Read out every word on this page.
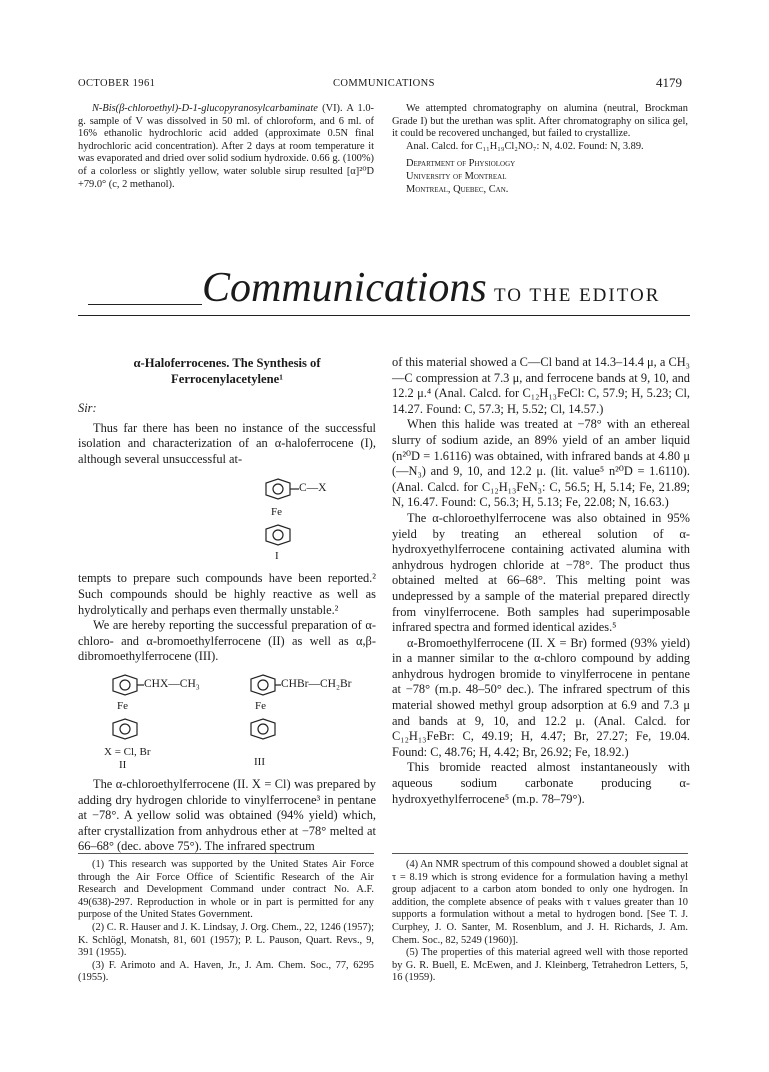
OCTOBER 1961	COMMUNICATIONS	4179

N-Bis(β-chloroethyl)-D-1-glucopyranosylcarbaminate (VI). A 1.0-g. sample of V was dissolved in 50 ml. of chloroform, and 6 ml. of 16% ethanolic hydrochloric acid added (approximate 0.5N final hydrochloric acid concentration). After 2 days at room temperature it was evaporated and dried over solid sodium hydroxide. 0.66 g. (100%) of a colorless or slightly yellow, water soluble sirup resulted [α]²⁰D +79.0° (c, 2 methanol).

We attempted chromatography on alumina (neutral, Brockman Grade I) but the urethan was split. After chromatography on silica gel, it could be recovered unchanged, but failed to crystallize.

Anal. Calcd. for C₁₁H₁₉Cl₂NO₇: N, 4.02. Found: N, 3.89.

Department of Physiology
University of Montreal
Montreal, Quebec, Can.
Communications TO THE EDITOR
α-Haloferrocenes. The Synthesis of
Ferrocenylacetylene¹
Sir:

Thus far there has been no instance of the successful isolation and characterization of an α-haloferrocene (I), although several unsuccessful at-

C—X
Fe
I

tempts to prepare such compounds have been reported.² Such compounds should be highly reactive as well as hydrolytically and perhaps even thermally unstable.²

We are hereby reporting the successful preparation of α-chloro- and α-bromoethylferrocene (II) as well as α,β-dibromoethylferrocene (III).

CHX—CH₃
Fe
X = Cl, Br
II
CHBr—CH₂Br
Fe
III

The α-chloroethylferrocene (II. X = Cl) was prepared by adding dry hydrogen chloride to vinylferrocene³ in pentane at −78°. A yellow solid was obtained (94% yield) which, after crystallization from anhydrous ether at −78° melted at 66–68° (dec. above 75°). The infrared spectrum

of this material showed a C—Cl band at 14.3–14.4 μ, a CH₃—C compression at 7.3 μ, and ferrocene bands at 9, 10, and 12.2 μ.⁴ (Anal. Calcd. for C₁₂H₁₃FeCl: C, 57.9; H, 5.23; Cl, 14.27. Found: C, 57.3; H, 5.52; Cl, 14.57.)

When this halide was treated at −78° with an ethereal slurry of sodium azide, an 89% yield of an amber liquid (n²⁰D = 1.6116) was obtained, with infrared bands at 4.80 μ (—N₃) and 9, 10, and 12.2 μ. (lit. value⁵ n²⁰D = 1.6110). (Anal. Calcd. for C₁₂H₁₃FeN₃: C, 56.5; H, 5.14; Fe, 21.89; N, 16.47. Found: C, 56.3; H, 5.13; Fe, 22.08; N, 16.63.)

The α-chloroethylferrocene was also obtained in 95% yield by treating an ethereal solution of α-hydroxyethylferrocene containing activated alumina with anhydrous hydrogen chloride at −78°. The product thus obtained melted at 66–68°. This melting point was undepressed by a sample of the material prepared directly from vinylferrocene. Both samples had superimposable infrared spectra and formed identical azides.⁵

α-Bromoethylferrocene (II. X = Br) formed (93% yield) in a manner similar to the α-chloro compound by adding anhydrous hydrogen bromide to vinylferrocene in pentane at −78° (m.p. 48–50° dec.). The infrared spectrum of this material showed methyl group adsorption at 6.9 and 7.3 μ and bands at 9, 10, and 12.2 μ. (Anal. Calcd. for C₁₂H₁₃FeBr: C, 49.19; H, 4.47; Br, 27.27; Fe, 19.04. Found: C, 48.76; H, 4.42; Br, 26.92; Fe, 18.92.)

This bromide reacted almost instantaneously with aqueous sodium carbonate producing α-hydroxyethylferrocene⁵ (m.p. 78–79°).

(1) This research was supported by the United States Air Force through the Air Force Office of Scientific Research of the Air Research and Development Command under contract No. A.F. 49(638)-297. Reproduction in whole or in part is permitted for any purpose of the United States Government.

(2) C. R. Hauser and J. K. Lindsay, J. Org. Chem., 22, 1246 (1957); K. Schlögl, Monatsh, 81, 601 (1957); P. L. Pauson, Quart. Revs., 9, 391 (1955).

(3) F. Arimoto and A. Haven, Jr., J. Am. Chem. Soc., 77, 6295 (1955).

(4) An NMR spectrum of this compound showed a doublet signal at τ = 8.19 which is strong evidence for a formulation having a methyl group adjacent to a carbon atom bonded to only one hydrogen. In addition, the complete absence of peaks with τ values greater than 10 supports a formulation without a metal to hydrogen bond. [See T. J. Curphey, J. O. Santer, M. Rosenblum, and J. H. Richards, J. Am. Chem. Soc., 82, 5249 (1960)].

(5) The properties of this material agreed well with those reported by G. R. Buell, E. McEwen, and J. Kleinberg, Tetrahedron Letters, 5, 16 (1959).
